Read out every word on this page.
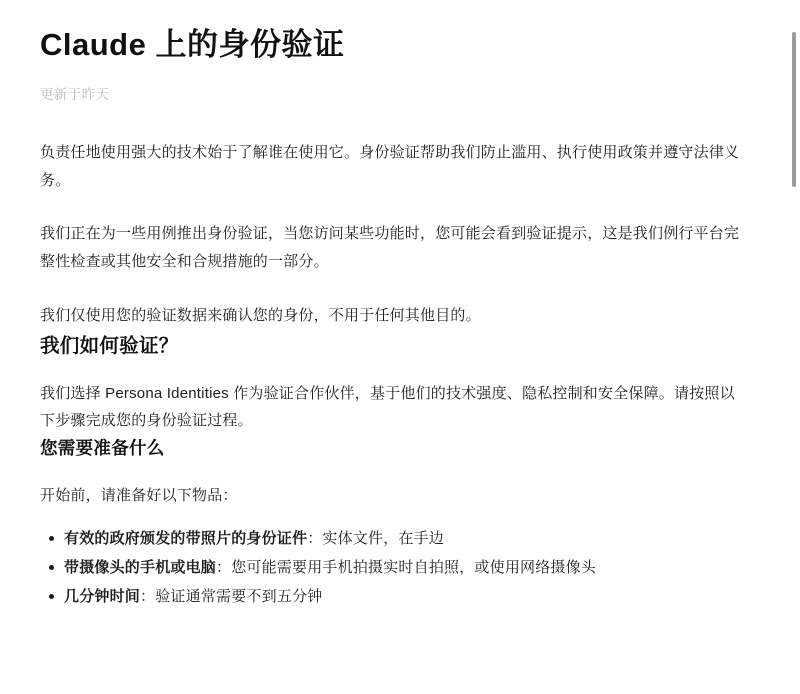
Claude 上的身份验证
更新于昨天

负责任地使用强大的技术始于了解谁在使用它。身份验证帮助我们防止滥用、执行使用政策并遵守法律义务。

我们正在为一些用例推出身份验证，当您访问某些功能时，您可能会看到验证提示，这是我们例行平台完整性检查或其他安全和合规措施的一部分。

我们仅使用您的验证数据来确认您的身份，不用于任何其他目的。

我们如何验证？

我们选择 Persona Identities 作为验证合作伙伴，基于他们的技术强度、隐私控制和安全保障。请按照以下步骤完成您的身份验证过程。

您需要准备什么

开始前，请准备好以下物品：

有效的政府颁发的带照片的身份证件：实体文件，在手边
带摄像头的手机或电脑：您可能需要用手机拍摄实时自拍照，或使用网络摄像头
几分钟时间：验证通常需要不到五分钟
